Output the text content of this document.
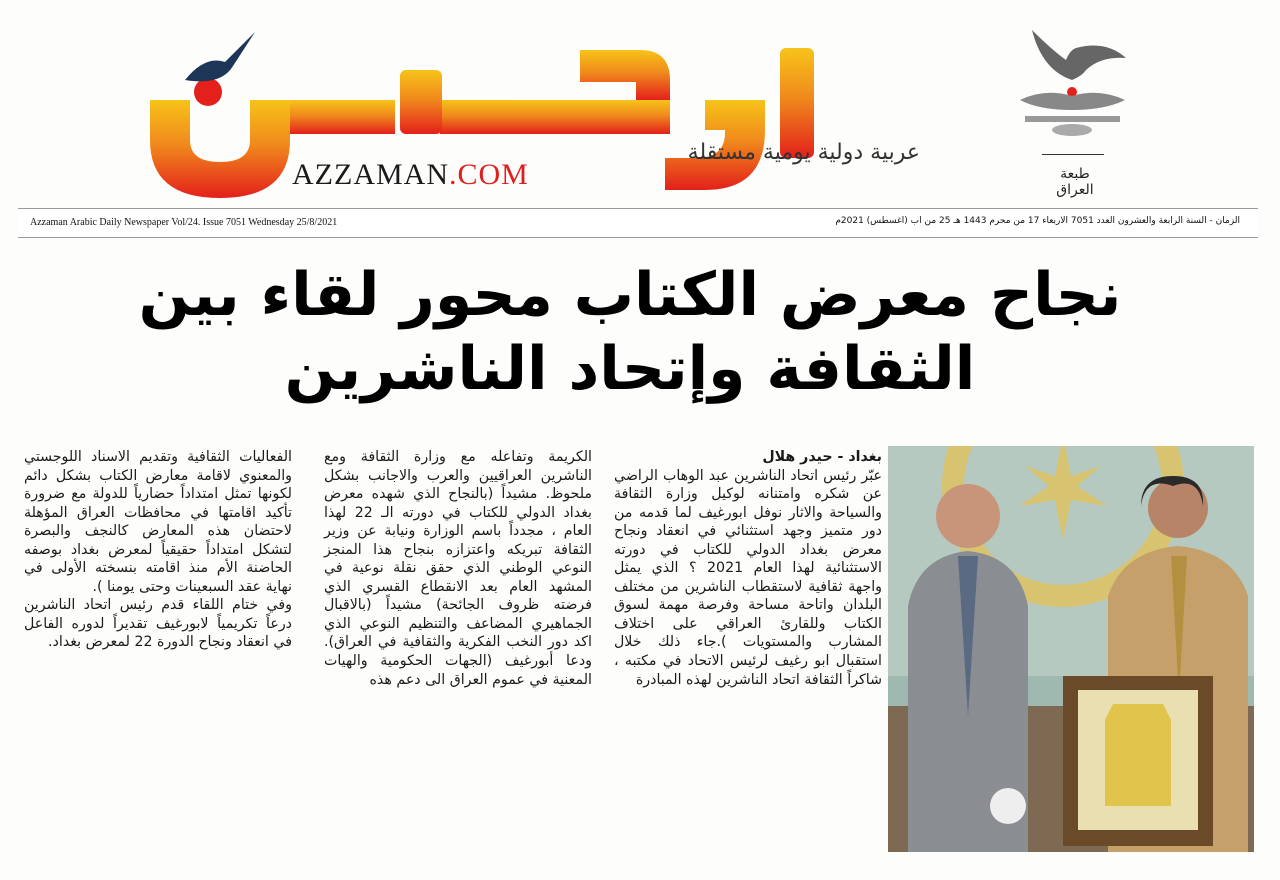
AZZAMAN.COM
عربية دولية يومية مستقلة
طبعة العراق
Azzaman Arabic Daily Newspaper Vol/24. Issue 7051 Wednesday 25/8/2021	الزمان - السنة الرابعة والعشرون العدد 7051 الاربعاء 17 من محرم 1443 هـ 25 من اب (اغسطس) 2021م
نجاح معرض الكتاب محور لقاء بين الثقافة وإتحاد الناشرين

بغداد - حيدر هلال

عبّر رئيس اتحاد الناشرين عبد الوهاب الراضي عن شكره وامتنانه لوكيل وزارة الثقافة والسياحة والاثار نوفل ابورغيف لما قدمه من دور متميز وجهد استثنائي في انعقاد ونجاح معرض بغداد الدولي للكتاب في دورته الاستثنائية لهذا العام 2021 ؟ الذي يمثل واجهة ثقافية لاستقطاب الناشرين من مختلف البلدان واتاحة مساحة وفرصة مهمة لسوق الكتاب وللقارئ العراقي على اختلاف المشارب والمستويات ).جاء ذلك خلال استقبال ابو رغيف لرئيس الاتحاد في مكتبه ، شاكراً الثقافة اتحاد الناشرين لهذه المبادرة

الكريمة وتفاعله مع وزارة الثقافة ومع الناشرين العراقيين والعرب والاجانب بشكل ملحوظ. مشيداً (بالنجاح الذي شهده معرض بغداد الدولي للكتاب في دورته الـ 22 لهذا العام ، مجدداً باسم الوزارة ونيابة عن وزير الثقافة تبريكه واعتزازه بنجاح هذا المنجز النوعي الوطني الذي حقق نقلة نوعية في المشهد العام بعد الانقطاع القسري الذي فرضته ظروف الجائحة) مشيداً (بالاقبال الجماهيري المضاعف والتنظيم النوعي الذي اكد دور النخب الفكرية والثقافية في العراق). ودعا أبورغيف (الجهات الحكومية والهيات المعنية في عموم العراق الى دعم هذه

الفعاليات الثقافية وتقديم الاسناد اللوجستي والمعنوي لاقامة معارض الكتاب بشكل دائم لكونها تمثل امتداداً حضارياً للدولة مع ضرورة تأكيد اقامتها في محافظات العراق المؤهلة لاحتضان هذه المعارض كالنجف والبصرة لتشكل امتداداً حقيقياً لمعرض بغداد بوصفه الحاضنة الأم منذ اقامته بنسخته الأولى في نهاية عقد السبعينات وحتى يومنا ).
وفي ختام اللقاء قدم رئيس اتحاد الناشرين درعاً تكريمياً لابورغيف تقديراً لدوره الفاعل في انعقاد ونجاح الدورة 22 لمعرض بغداد.
